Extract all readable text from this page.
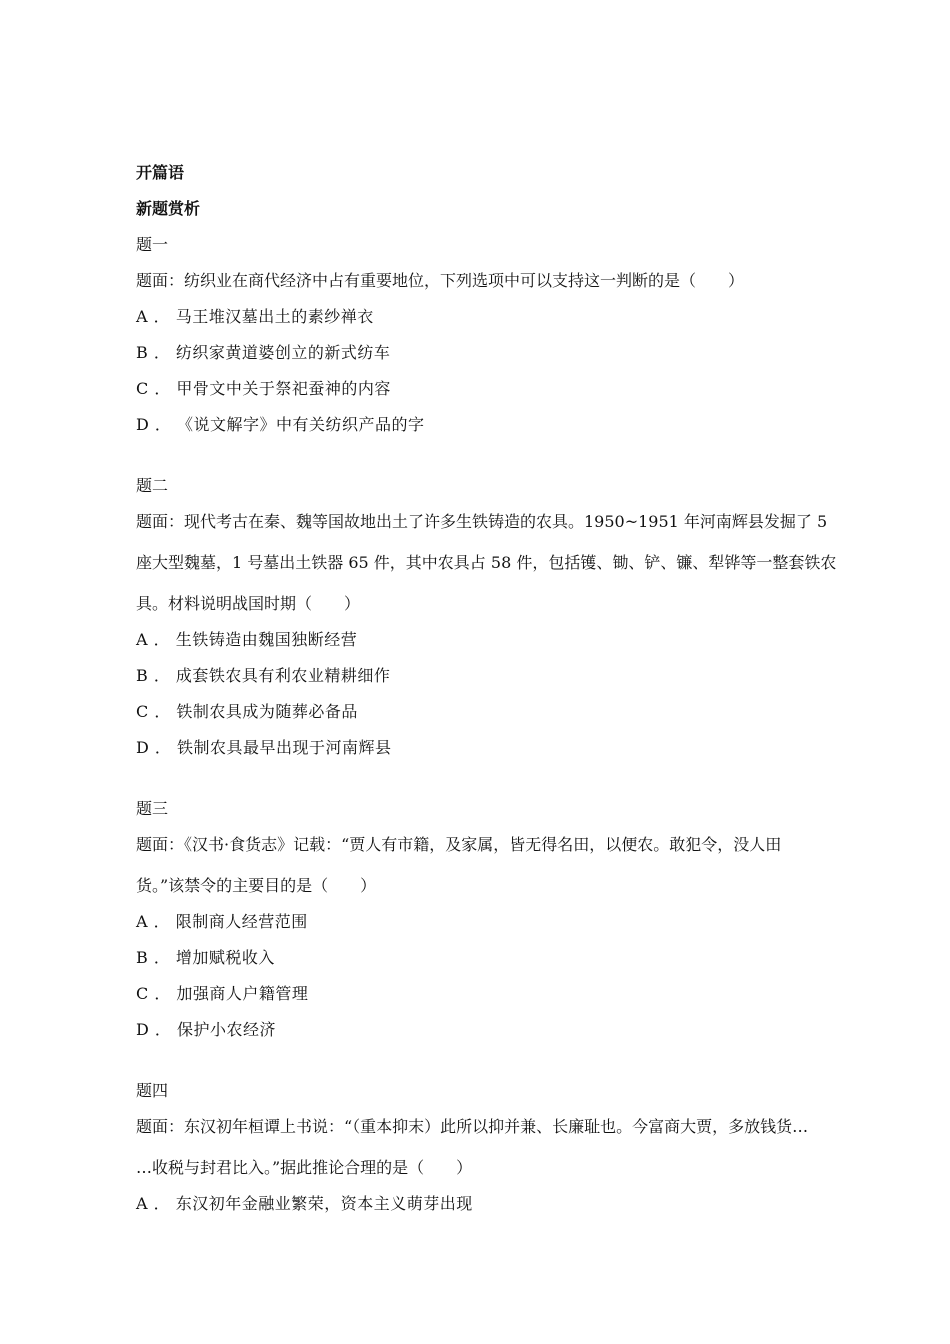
开篇语
新题赏析
题一
题面：纺织业在商代经济中占有重要地位，下列选项中可以支持这一判断的是（　　）
A ． 马王堆汉墓出土的素纱禅衣
B ． 纺织家黄道婆创立的新式纺车
C ． 甲骨文中关于祭祀蚕神的内容
D ． 《说文解字》中有关纺织产品的字
题二
题面：现代考古在秦、魏等国故地出土了许多生铁铸造的农具。1950~1951 年河南辉县发掘了 5
座大型魏墓，1 号墓出土铁器 65 件，其中农具占 58 件，包括镬、锄、铲、镰、犁铧等一整套铁农
具。材料说明战国时期（　　）
A ． 生铁铸造由魏国独断经营
B ． 成套铁农具有利农业精耕细作
C ． 铁制农具成为随葬必备品
D ． 铁制农具最早出现于河南辉县
题三
题面：《汉书·食货志》记载：“贾人有市籍，及家属，皆无得名田，以便农。敢犯令，没人田
货。”该禁令的主要目的是（　　）
A ． 限制商人经营范围
B ． 增加赋税收入
C ． 加强商人户籍管理
D ． 保护小农经济
题四
题面：东汉初年桓谭上书说：“（重本抑末）此所以抑并兼、长廉耻也。今富商大贾，多放钱货…
…收税与封君比入。”据此推论合理的是（　　）
A ． 东汉初年金融业繁荣，资本主义萌芽出现
